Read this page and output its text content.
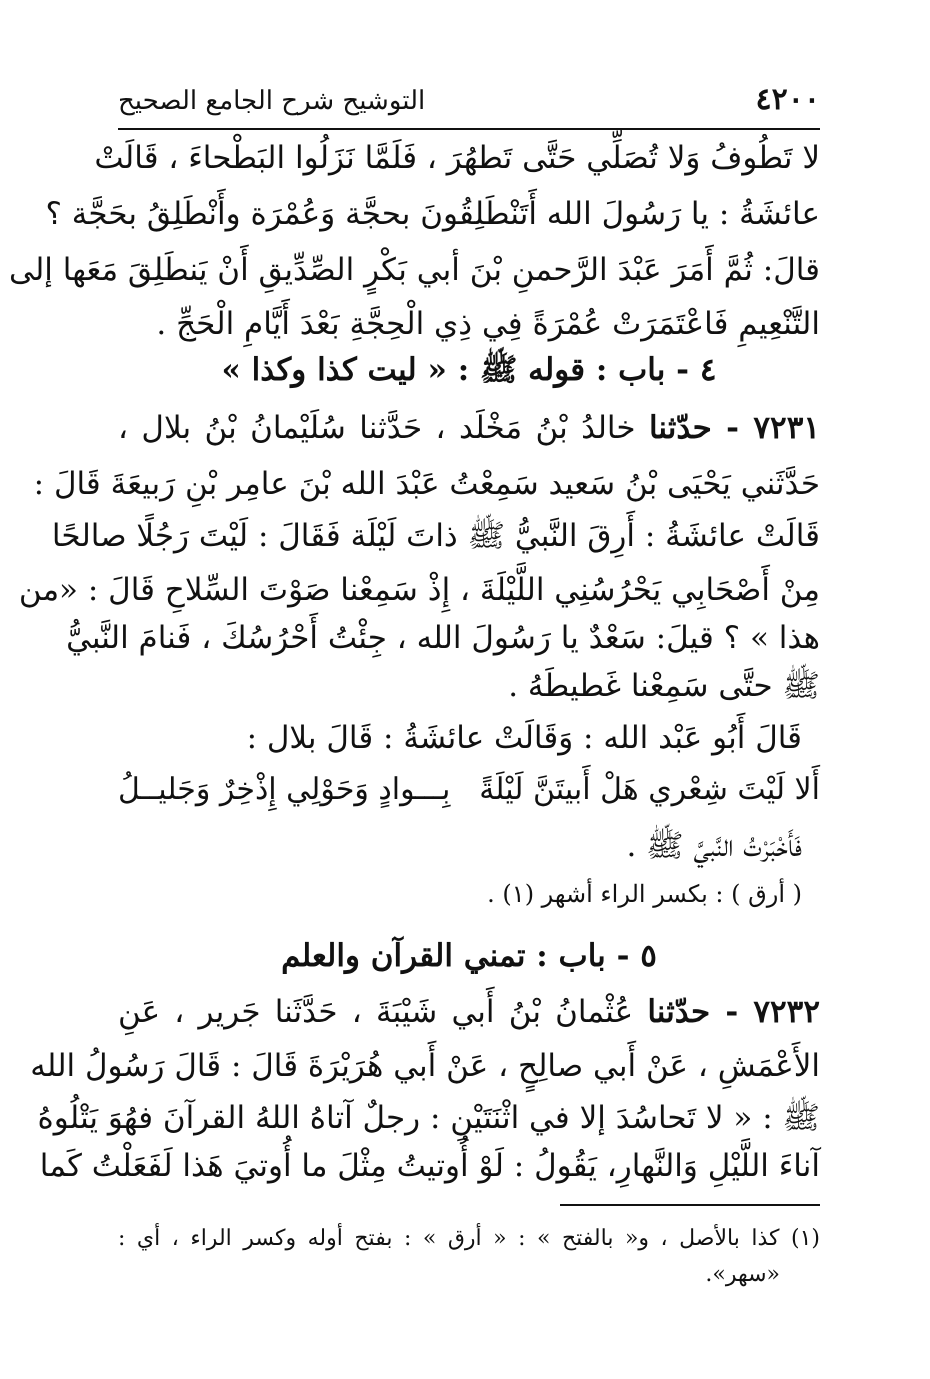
٤٢٠٠
التوشيح شرح الجامع الصحيح
لا تَطُوفُ وَلا تُصَلِّي حَتَّى تَطهُرَ ، فَلَمَّا نَزَلُوا البَطْحاءَ ، قَالَتْ
عائشَةُ : يا رَسُولَ الله أَتَنْطَلِقُونَ بحجَّة وَعُمْرَة وأَنْطَلِقُ بحَجَّة ؟
قالَ: ثُمَّ أَمَرَ عَبْدَ الرَّحمنِ بْنَ أبي بَكْرٍ الصِّدِّيقِ أَنْ يَنطَلِقَ مَعَها إلى
التَّنْعِيمِ فَاعْتَمَرَتْ عُمْرَةً فِي ذِي الْحِجَّةِ بَعْدَ أَيَّامِ الْحَجِّ .
٤ - باب : قوله ﷺ : « ليت كذا وكذا »
٧٢٣١ - حدّثنا خالدُ بْنُ مَخْلَد ، حَدَّثنا سُلَيْمانُ بْنُ بلال ،
حَدَّثَني يَحْيَى بْنُ سَعيد سَمِعْتُ عَبْدَ الله بْنَ عامِر بْنِ رَبيعَةَ قَالَ :
قَالَتْ عائشَةُ : أَرِقَ النَّبيُّ ﷺ ذاتَ لَيْلَة فَقَالَ : لَيْتَ رَجُلًا صالحًا
مِنْ أَصْحَابِي يَحْرُسُنِي اللَّيْلَةَ ، إِذْ سَمِعْنا صَوْتَ السِّلاحِ قَالَ : «من
هذا » ؟ قيلَ: سَعْدٌ يا رَسُولَ الله ، جِئْتُ أَحْرُسُكَ ، فَنامَ النَّبيُّ
ﷺ حتَّى سَمِعْنا غَطيطَهُ .
قَالَ أَبُو عَبْد الله : وَقَالَتْ عائشَةُ : قَالَ بلال :
أَلا لَيْتَ شِعْري هَلْ أَبيتَنَّ لَيْلَةً
بِـــوادٍ وَحَوْلِي إِذْخِرٌ وَجَليــلُ
فَأَخْبَرْتُ النَّبيَّ ﷺ .
( أرق ) : بكسر الراء أشهر (١) .
٥ - باب : تمني القرآن والعلم
٧٢٣٢ - حدّثنا عُثْمانُ بْنُ أَبي شَيْبَةَ ، حَدَّثَنا جَرير ، عَنِ
الأَعْمَشِ ، عَنْ أَبي صالِحٍ ، عَنْ أَبي هُرَيْرَةَ قَالَ : قَالَ رَسُولُ الله
ﷺ : « لا تَحاسُدَ إلا في اثْنَتَيْنِ : رجلٌ آتاهُ اللهُ القرآنَ فهُوَ يَتْلُوهُ
آناءَ اللَّيْلِ وَالنَّهارِ، يَقُولُ : لَوْ أُوتيتُ مِثْلَ ما أُوتيَ هَذا لَفَعَلْتُ كَما
(١) كذا بالأصل ، و« بالفتح » : « أرق » : بفتح أوله وكسر الراء ، أي :
«سهر».
